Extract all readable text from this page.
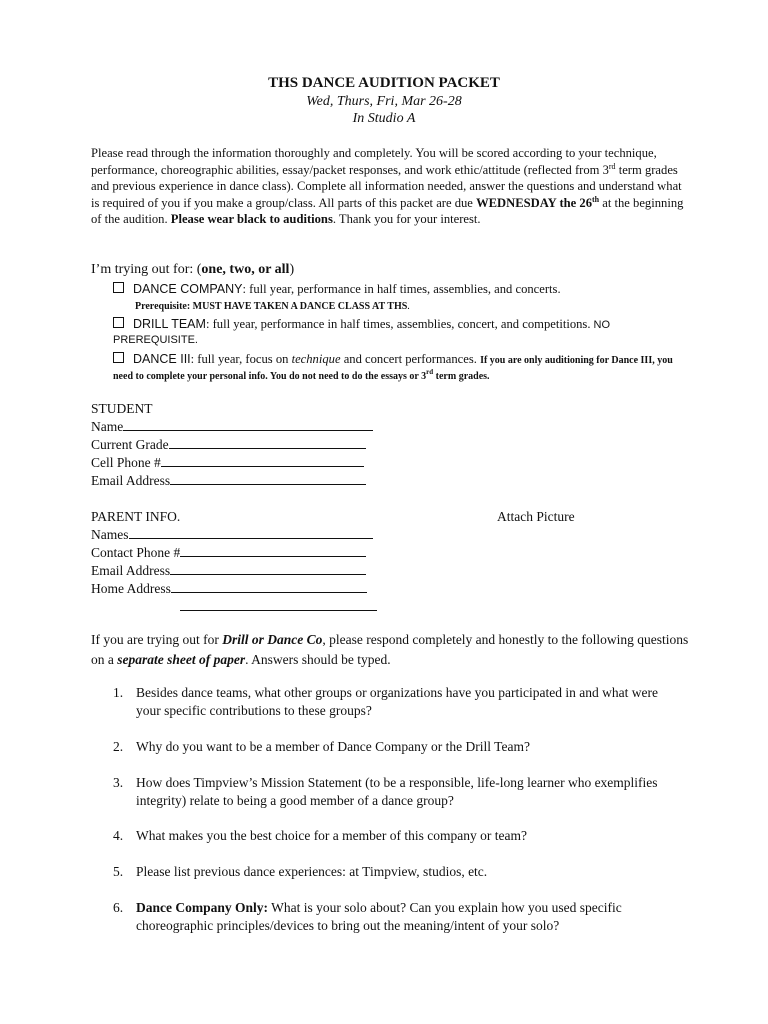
THS DANCE AUDITION PACKET
Wed, Thurs, Fri, Mar 26-28
In Studio A
Please read through the information thoroughly and completely. You will be scored according to your technique, performance, choreographic abilities, essay/packet responses, and work ethic/attitude (reflected from 3rd term grades and previous experience in dance class). Complete all information needed, answer the questions and understand what is required of you if you make a group/class. All parts of this packet are due WEDNESDAY the 26th at the beginning of the audition. Please wear black to auditions. Thank you for your interest.
I’m trying out for: (one, two, or all)
DANCE COMPANY: full year, performance in half times, assemblies, and concerts.
Prerequisite: MUST HAVE TAKEN A DANCE CLASS AT THS.
DRILL TEAM: full year, performance in half times, assemblies, concert, and competitions. NO PREREQUISITE.
DANCE III: full year, focus on technique and concert performances. If you are only auditioning for Dance III, you need to complete your personal info. You do not need to do the essays or 3rd term grades.
STUDENT
Name
Current Grade
Cell Phone #
Email Address
PARENT INFO.	Attach Picture
Names
Contact Phone #
Email Address
Home Address
If you are trying out for Drill or Dance Co, please respond completely and honestly to the following questions on a separate sheet of paper. Answers should be typed.
1. Besides dance teams, what other groups or organizations have you participated in and what were your specific contributions to these groups?
2. Why do you want to be a member of Dance Company or the Drill Team?
3. How does Timpview’s Mission Statement (to be a responsible, life-long learner who exemplifies integrity) relate to being a good member of a dance group?
4. What makes you the best choice for a member of this company or team?
5. Please list previous dance experiences: at Timpview, studios, etc.
6. Dance Company Only: What is your solo about? Can you explain how you used specific choreographic principles/devices to bring out the meaning/intent of your solo?
